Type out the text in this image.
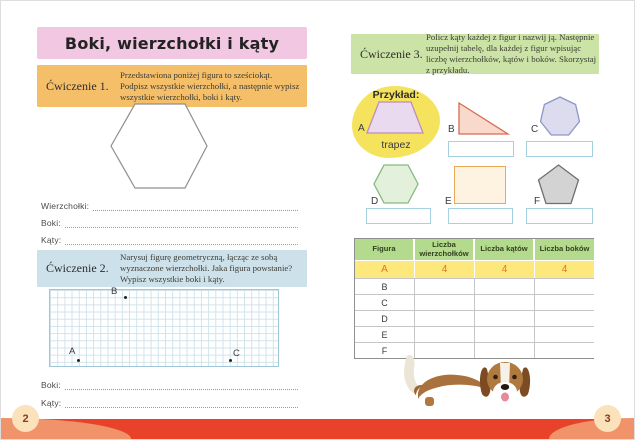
Boki, wierzchołki i kąty
Ćwiczenie 1.
Przedstawiona poniżej figura to sześciokąt. Podpisz wszystkie wierzchołki, a następnie wypisz wszystkie wierzchołki, boki i kąty.
Wierzchołki:
Boki:
Kąty:
Ćwiczenie 2.
Narysuj figurę geometryczną, łącząc ze sobą wyznaczone wierzchołki. Jaka figura powstanie? Wypisz wszystkie boki i kąty.
B
A	C
Boki:
Kąty:
Ćwiczenie 3.
Policz kąty każdej z figur i nazwij ją. Następnie uzupełnij tabelę, dla każdej z figur wpisując liczbę wierzchołków, kątów i boków. Skorzystaj z przykładu.
Przykład:
trapez
A	B	C
D	E	F
Figura	Liczba wierzchołków	Liczba kątów	Liczba boków
A	4	4	4
B
C
D
E
F
2	3
